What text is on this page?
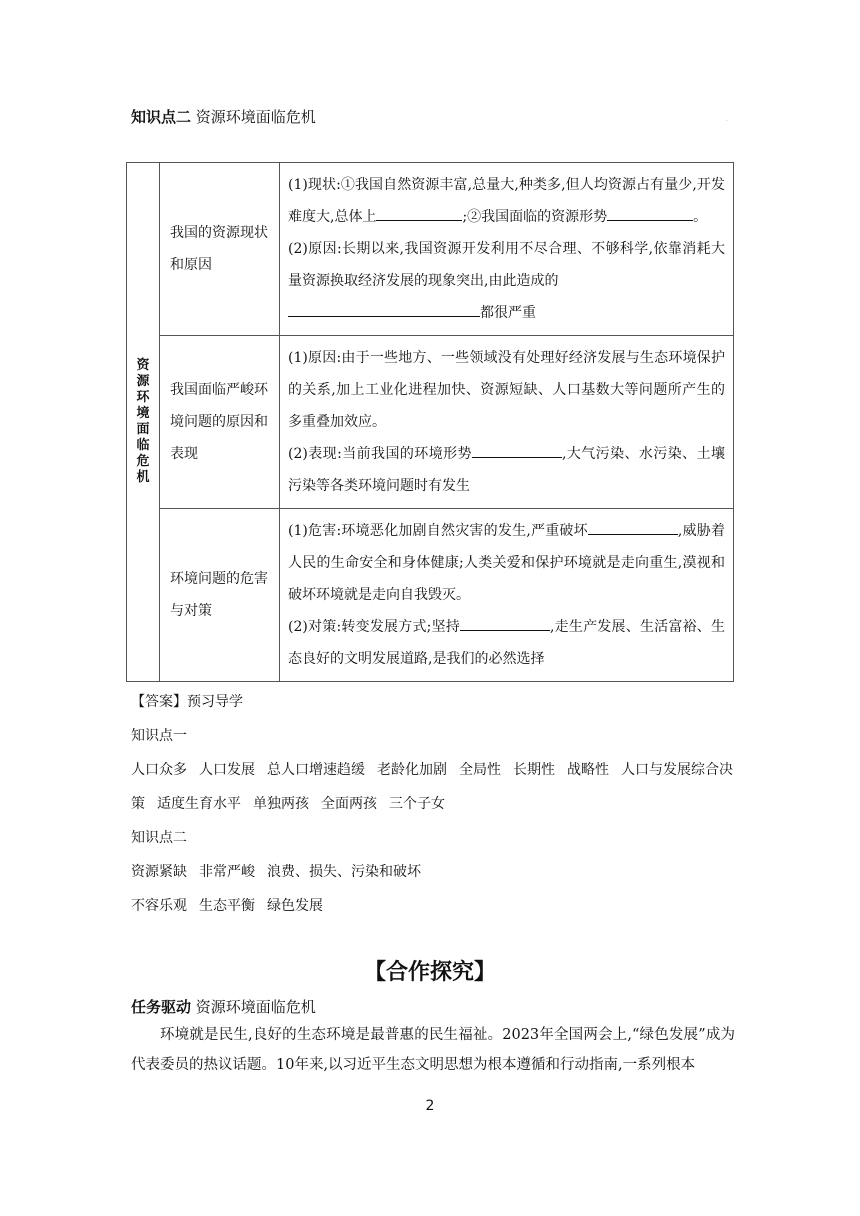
知识点二 资源环境面临危机	.
资源环境面临危机	我国的资源现状和原因	(1)现状:①我国自然资源丰富,总量大,种类多,但人均资源占有量少,开发难度大,总体上 ;②我国面临的资源形势 。
(2)原因:长期以来,我国资源开发利用不尽合理、不够科学,依靠消耗大量资源换取经济发展的现象突出,由此造成的
都很严重
	我国面临严峻环境问题的原因和表现	(1)原因:由于一些地方、一些领域没有处理好经济发展与生态环境保护的关系,加上工业化进程加快、资源短缺、人口基数大等问题所产生的多重叠加效应。
(2)表现:当前我国的环境形势 ,大气污染、水污染、土壤污染等各类环境问题时有发生
	环境问题的危害与对策	(1)危害:环境恶化加剧自然灾害的发生,严重破坏 ,威胁着人民的生命安全和身体健康;人类关爱和保护环境就是走向重生,漠视和破坏环境就是走向自我毁灭。
(2)对策:转变发展方式;坚持 ,走生产发展、生活富裕、生态良好的文明发展道路,是我们的必然选择

【答案】预习导学

知识点一

人口众多 人口发展 总人口增速趋缓 老龄化加剧 全局性 长期性 战略性 人口与发展综合决策 适度生育水平 单独两孩 全面两孩 三个子女

知识点二

资源紧缺 非常严峻 浪费、损失、污染和破坏

不容乐观 生态平衡 绿色发展

【合作探究】
任务驱动 资源环境面临危机

环境就是民生,良好的生态环境是最普惠的民生福祉。2023年全国两会上,“绿色发展”成为代表委员的热议话题。10年来,以习近平生态文明思想为根本遵循和行动指南,一系列根本

2
